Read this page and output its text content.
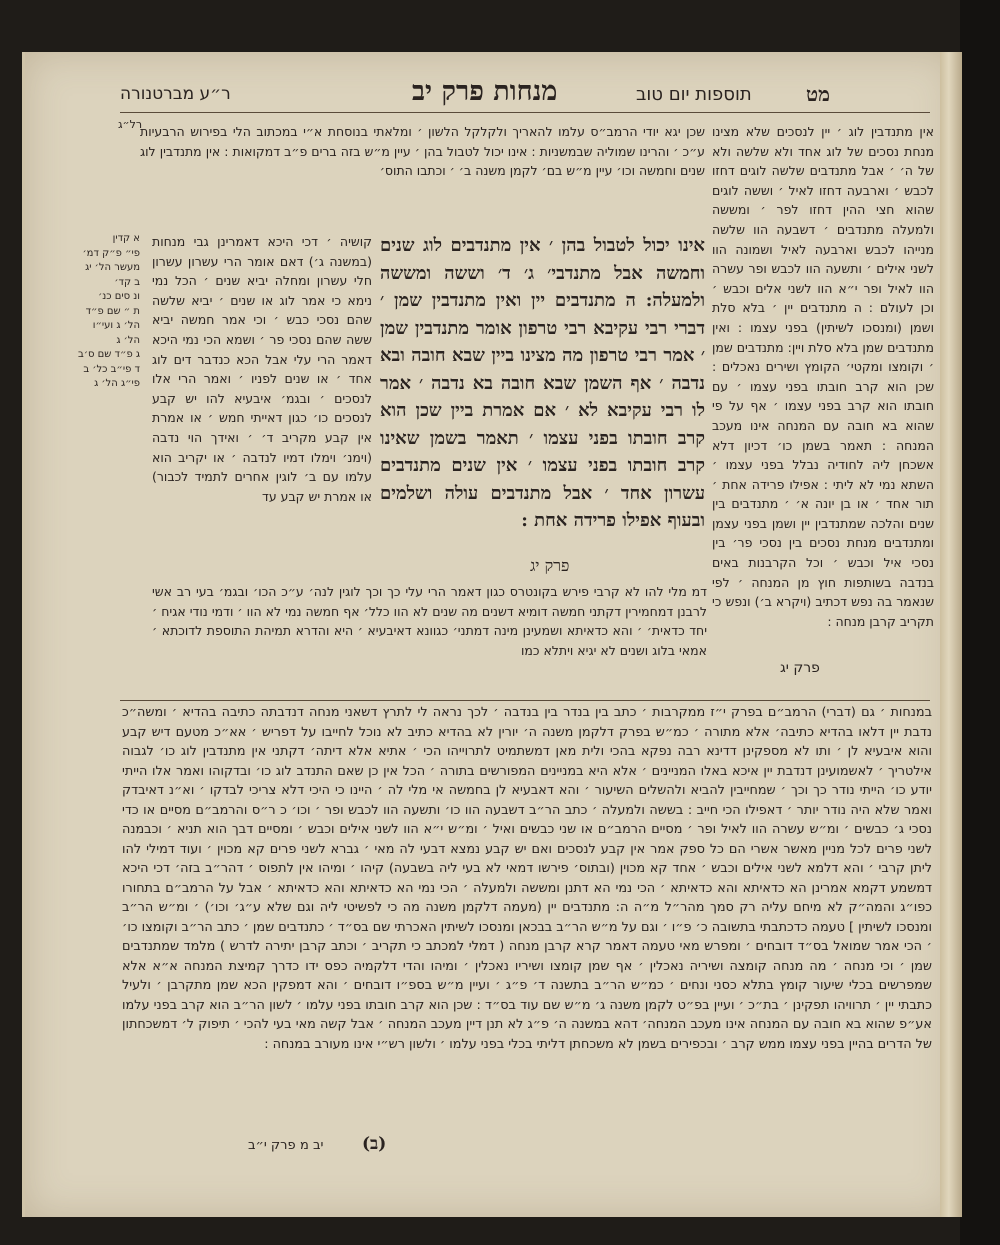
מט
תוספות יום טוב
מנחות פרק יב
ר״ע מברטנורה
רל״ג	אין מתנדבין לוג ׳ יין לנסכים שלא מצינו מנחת נסכים של לוג אחד ולא שלשה ולא של ה׳ ׳ אבל מתנדבים שלשה לוגים דחזו לכבש ׳ וארבעה דחזו לאיל ׳ וששה לוגים שהוא חצי ההין דחזו לפר ׳ ומששה ולמעלה מתנדבים ׳ דשבעה הוו שלשה מנייהו לכבש וארבעה לאיל ושמונה הוו לשני אילים ׳ ותשעה הוו לכבש ופר עשרה הוו לאיל ופר י״א הוו לשני אלים וכבש ׳ וכן לעולם : ה מתנדבים יין ׳ בלא סלת ושמן (ומנסכו לשיתין) בפני עצמו : ואין מתנדבים שמן בלא סלת ויין: מתנדבים שמן ׳ וקומצו ומקטי׳ הקומץ ושירים נאכלים : שכן הוא קרב חובתו בפני עצמו ׳ עם חובתו הוא קרב בפני עצמו ׳ אף על פי שהוא בא חובה עם המנחה אינו מעכב המנחה : תאמר בשמן כו׳ דכיון דלא אשכחן ליה לחודיה נבלל בפני עצמו ׳ השתא נמי לא ליתי : אפילו פרידה אחת ׳ תור אחד ׳ או בן יונה א׳ ׳ מתנדבים בין שנים והלכה שמתנדבין יין ושמן בפני עצמן ומתנדבים מנחת נסכים בין נסכי פר׳ בין נסכי איל וכבש ׳ וכל הקרבנות באים בנדבה בשותפות חוץ מן המנחה ׳ לפי שנאמר בה נפש דכתיב (ויקרא ב׳) ונפש כי תקריב קרבן מנחה :
שכן יגא יודי הרמב״ס עלמו להאריך ולקלקל הלשון ׳ ומלאתי בנוסחת א״י במכתוב הלי בפירוש הרבעיות ע״כ ׳ והרינו שמוליה שבמשניות : אינו יכול לטבול בהן ׳ עיין מ״ש בזה ברים פ״ב דמקואות : אין מתנדבין לוג שנים וחמשה וכו׳ עיין מ״ש בם׳ לקמן משנה ב׳ ׳ וכתבו התוס׳
אינו יכול לטבול בהן ׳ אין מתנדבים לוג שנים וחמשה אבל מתנדבי׳ ג׳ ד׳ וששה ומששה ולמעלה: ה מתנדבים יין ואין מתנדבין שמן ׳ דברי רבי עקיבא רבי טרפון אומר מתנדבין שמן ׳ אמר רבי טרפון מה מצינו ביין שבא חובה ובא נדבה ׳ אף השמן שבא חובה בא נדבה ׳ אמר לו רבי עקיבא לא ׳ אם אמרת ביין שכן הוא קרב חובתו בפני עצמו ׳ תאמר בשמן שאינו קרב חובתו בפני עצמו ׳ אין שנים מתנדבים עשרון אחד ׳ אבל מתנדבים עולה ושלמים ובעוף אפילו פרידה אחת :
פרק יג
קושיה ׳ דכי היכא דאמרינן גבי מנחות (במשנה ג׳) דאם אומר הרי עשרון עשרון חלי עשרון ומחלה יביא שנים ׳ הכל נמי נימא כי אמר לוג או שנים ׳ יביא שלשה שהם נסכי כבש ׳ וכי אמר חמשה יביא ששה שהם נסכי פר ׳ ושמא הכי נמי היכא דאמר הרי עלי אבל הכא כנדבר דים לוג אחד ׳ או שנים לפניו ׳ ואמר הרי אלו לנסכים ׳ ובגמ׳ איבעיא להו יש קבע לנסכים כו׳ כגון דאייתי חמש ׳ או אמרת אין קבע מקריב ד׳ ׳ ואידך הוי נדבה (וימנ׳ וימלו דמיו לנדבה ׳ או יקריב הוא עלמו עם ב׳ לוגין אחרים לתמיד לכבור) או אמרת יש קבע עד
א קדין
פי״ פ״ק דמ׳
מעשר הל׳ יג
ב קד׳
ונ סים כנ׳
ת ״ שם פ״ד
הל׳ ג ועי״ו
הל׳ ג
ג פ״ד שם ס׳ב
ד פי״ב כל׳ ב
פי״ג הל׳ ג
דמ מלי להו לא קרבי פירש בקונטרס כגון דאמר הרי עלי כך וכך לוגין לנה׳ ע״כ הכו׳ ובגמ׳ בעי רב אשי לרבנן דמחמירין דקתני חמשה דומיא דשנים מה שנים לא הוו כלל׳ אף חמשה נמי לא הוו ׳ ודמי נודי אגיח ׳ יחד כדאית׳ ׳ והא כדאיתא ושמעינן מינה דמתני׳ כגוונא דאיבעיא ׳ היא והדרא תמיהת התוספת לדוכתא ׳ אמאי בלוג ושנים לא יגיא ויתלא כמו
פרק יג
במנחות ׳ גם (דברי) הרמב״ם בפרק י״ז ממקרבות ׳ כתב בין בנדר בין בנדבה ׳ לכך נראה לי לתרץ דשאני מנחה דנדבתה כתיבה בהדיא ׳ ומשה״כ נדבת יין דלאו בהדיא כתיבה׳ אלא מתורה ׳ כמ״ש בפרק דלקמן משנה ה׳ יורין לא בהדיא כתיב לא נוכל לחייבו על דפריש ׳ אא״כ מטעם דיש קבע והוא איבעיא לן ׳ ותו לא מספקינן דדינא רבה נפקא בהכי ולית מאן דמשתמיט לתרוייהו הכי ׳ אתיא אלא דיתה׳ דקתני אין מתנדבין לוג כו׳ לגבוה אילטריך ׳ לאשמועינן דנדבת יין איכא באלו המניינים ׳ אלא היא במניינים המפורשים בתורה ׳ הכל אין כן שאם התנדב לוג כו׳ ובדקוהו ואמר אלו הייתי יודע כו׳ הייתי נודר כך וכך ׳ שמחייבין להביא ולהשלים השיעור ׳ והא דאבעיא לן בחמשה אי מלי לה ׳ היינו כי היכי דלא צריכי לבדקו ׳ וא״נ דאיבדק ואמר שלא היה נודר יותר ׳ דאפילו הכי חייב : בששה ולמעלה ׳ כתב הר״ב דשבעה הוו כו׳ ותשעה הוו לכבש ופר ׳ וכו׳ כ ר״ס והרמב״ם מסיים או כדי נסכי ג׳ כבשים ׳ ומ״ש עשרה הוו לאיל ופר ׳ מסיים הרמב״ם או שני כבשים ואיל ׳ ומ״ש י״א הוו לשני אילים וכבש ׳ ומסיים דבך הוא תניא ׳ וכבמנה לשני פרים לכל מניין מאשר אשרי הם כל ספק אמר אין קבע לנסכים ואם יש קבע נמצא דבעי לה מאי ׳ גברא לשני פרים קא מכוין ׳ ועוד דמילי להו ליתן קרבי ׳ והא דלמא לשני אילים וכבש ׳ אחד קא מכוין (ובתוס׳ פירשו דמאי לא בעי ליה בשבעה) קיהו ׳ ומיהו אין לתפוס ׳ דהר״ב בזה׳ דכי היכא דמשמע דקמא אמרינן הא כדאיתא והא כדאיתא ׳ הכי נמי הא דתנן ומששה ולמעלה ׳ הכי נמי הא כדאיתא והא כדאיתא ׳ אבל על הרמב״ם בתחורו כפו״ג והמה״ק לא מיחם עליה רק סמך מהר״ל מ״ה ה: מתנדבים יין (מעמה דלקמן משנה מה כי לפשיטי ליה וגם שלא ע״ג׳ וכו׳) ׳ ומ״ש הר״ב ומנסכו לשיתין ] טעמה כדכתבתי בתשובה כ׳ פ״ו ׳ וגם על מ״ש הר״ב בבכאן ומנסכו לשיתין האכרתי שם בס״ד ׳ כתנדבים שמן ׳ כתב הר״ב וקומצו כו׳ ׳ הכי אמר שמואל בס״ד דובחים ׳ ומפרש מאי טעמה דאמר קרא קרבן מנחה ( דמלי למכתב כי תקריב ׳ וכתב קרבן יתירה לדרש ) מלמד שמתנדבים שמן ׳ וכי מנחה ׳ מה מנחה קומצה ושיריה נאכלין ׳ אף שמן קומצו ושיריו נאכלין ׳ ומיהו והדי דלקמיה כפס ידו כדרך קמיצת המנחה א״א אלא שמפרשים בכלי שיעור קומץ בתלא כסני ונחים ׳ כמ״ש הר״ב בתשנה ד׳ פ״ג ׳ ועיין מ״ש בספ״ו דובחים ׳ והא דמפקין הכא שמן מתקרבן ׳ ולעיל כתבתי יין ׳ תרוויהו תפקינן ׳ בת״כ ׳ ועיין בפ״ט לקמן משנה ג׳ מ״ש שם עוד בס״ד : שכן הוא קרב חובתו בפני עלמו ׳ לשון הר״ב הוא קרב בפני עלמו אע״פ שהוא בא חובה עם המנחה אינו מעכב המנחה׳ דהא במשנה ה׳ פ״ג לא תנן דיין מעכב המנחה ׳ אבל קשה מאי בעי להכי ׳ תיפוק ל׳ דמשכחתון של הדרים בהיין בפני עצמו ממש קרב ׳ ובכפירים בשמן לא משכחתן דליתי בכלי בפני עלמו ׳ ולשון רש״י אינו מעורב במנחה :
פרק י״ב יב מ (ב)
